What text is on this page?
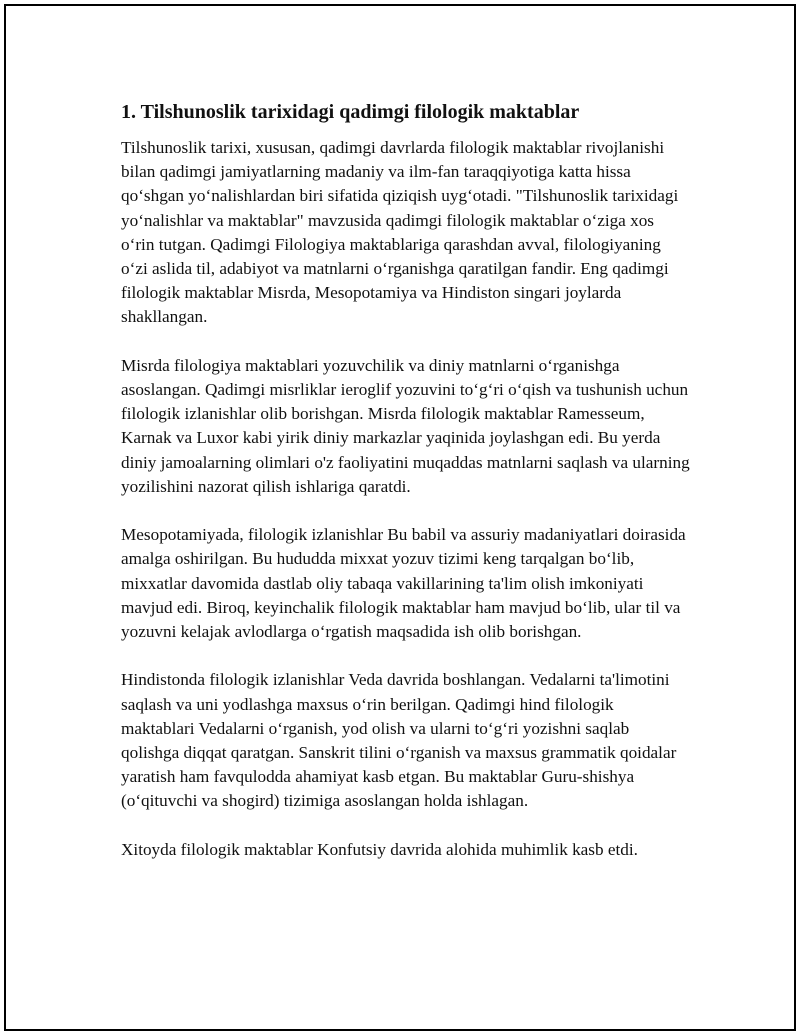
1. Tilshunoslik tarixidagi qadimgi filologik maktablar

Tilshunoslik tarixi, xususan, qadimgi davrlarda filologik maktablar rivojlanishi bilan qadimgi jamiyatlarning madaniy va ilm-fan taraqqiyotiga katta hissa qoʻshgan yoʻnalishlardan biri sifatida qiziqish uygʻotadi. "Tilshunoslik tarixidagi yoʻnalishlar va maktablar" mavzusida qadimgi filologik maktablar oʻziga xos oʻrin tutgan. Qadimgi Filologiya maktablariga qarashdan avval, filologiyaning oʻzi aslida til, adabiyot va matnlarni oʻrganishga qaratilgan fandir. Eng qadimgi filologik maktablar Misrda, Mesopotamiya va Hindiston singari joylarda shakllangan.

Misrda filologiya maktablari yozuvchilik va diniy matnlarni oʻrganishga asoslangan. Qadimgi misrliklar ieroglif yozuvini toʻgʻri oʻqish va tushunish uchun filologik izlanishlar olib borishgan. Misrda filologik maktablar Ramesseum, Karnak va Luxor kabi yirik diniy markazlar yaqinida joylashgan edi. Bu yerda diniy jamoalarning olimlari o'z faoliyatini muqaddas matnlarni saqlash va ularning yozilishini nazorat qilish ishlariga qaratdi.

Mesopotamiyada, filologik izlanishlar Bu babil va assuriy madaniyatlari doirasida amalga oshirilgan. Bu hududda mixxat yozuv tizimi keng tarqalgan boʻlib, mixxatlar davomida dastlab oliy tabaqa vakillarining ta'lim olish imkoniyati mavjud edi. Biroq, keyinchalik filologik maktablar ham mavjud boʻlib, ular til va yozuvni kelajak avlodlarga oʻrgatish maqsadida ish olib borishgan.

Hindistonda filologik izlanishlar Veda davrida boshlangan. Vedalarni ta'limotini saqlash va uni yodlashga maxsus oʻrin berilgan. Qadimgi hind filologik maktablari Vedalarni oʻrganish, yod olish va ularni toʻgʻri yozishni saqlab qolishga diqqat qaratgan. Sanskrit tilini oʻrganish va maxsus grammatik qoidalar yaratish ham favqulodda ahamiyat kasb etgan. Bu maktablar Guru-shishya (oʻqituvchi va shogird) tizimiga asoslangan holda ishlagan.

Xitoyda filologik maktablar Konfutsiy davrida alohida muhimlik kasb etdi.
